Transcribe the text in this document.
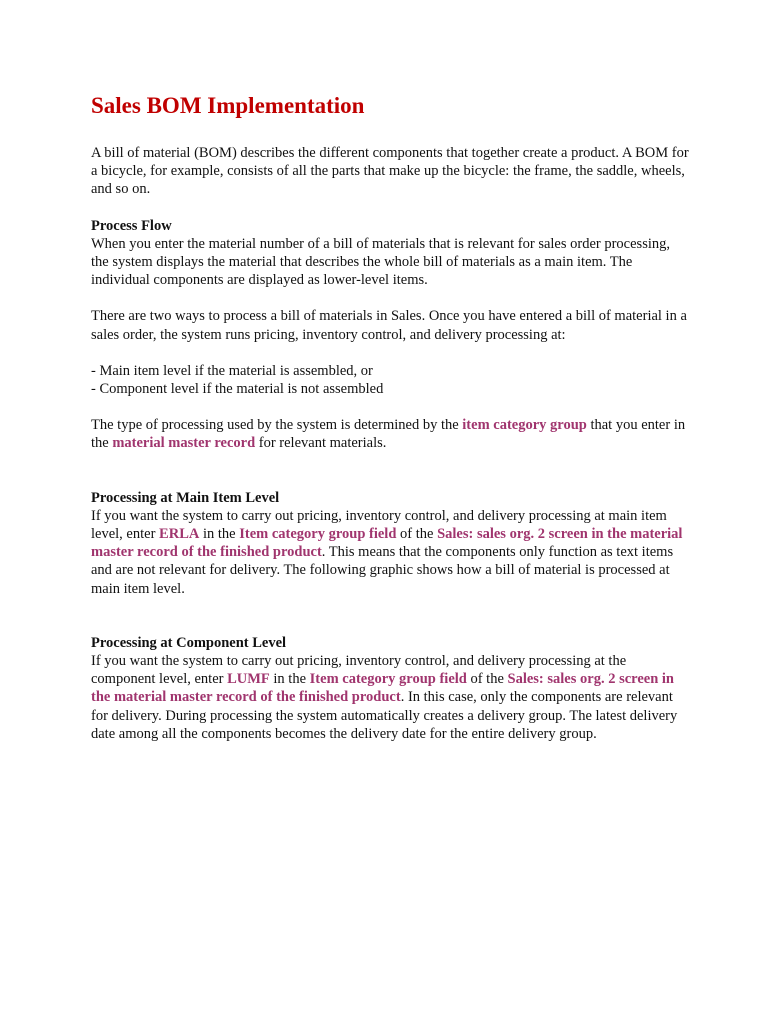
Sales BOM Implementation

A bill of material (BOM) describes the different components that together create a product. A BOM for a bicycle, for example, consists of all the parts that make up the bicycle: the frame, the saddle, wheels, and so on.

Process Flow
When you enter the material number of a bill of materials that is relevant for sales order processing, the system displays the material that describes the whole bill of materials as a main item. The individual components are displayed as lower-level items.

There are two ways to process a bill of materials in Sales. Once you have entered a bill of material in a sales order, the system runs pricing, inventory control, and delivery processing at:

- Main item level if the material is assembled, or
- Component level if the material is not assembled

The type of processing used by the system is determined by the item category group that you enter in the material master record for relevant materials.

Processing at Main Item Level
If you want the system to carry out pricing, inventory control, and delivery processing at main item level, enter ERLA in the Item category group field of the Sales: sales org. 2 screen in the material master record of the finished product. This means that the components only function as text items and are not relevant for delivery. The following graphic shows how a bill of material is processed at main item level.

Processing at Component Level
If you want the system to carry out pricing, inventory control, and delivery processing at the component level, enter LUMF in the Item category group field of the Sales: sales org. 2 screen in the material master record of the finished product. In this case, only the components are relevant for delivery. During processing the system automatically creates a delivery group. The latest delivery date among all the components becomes the delivery date for the entire delivery group.
